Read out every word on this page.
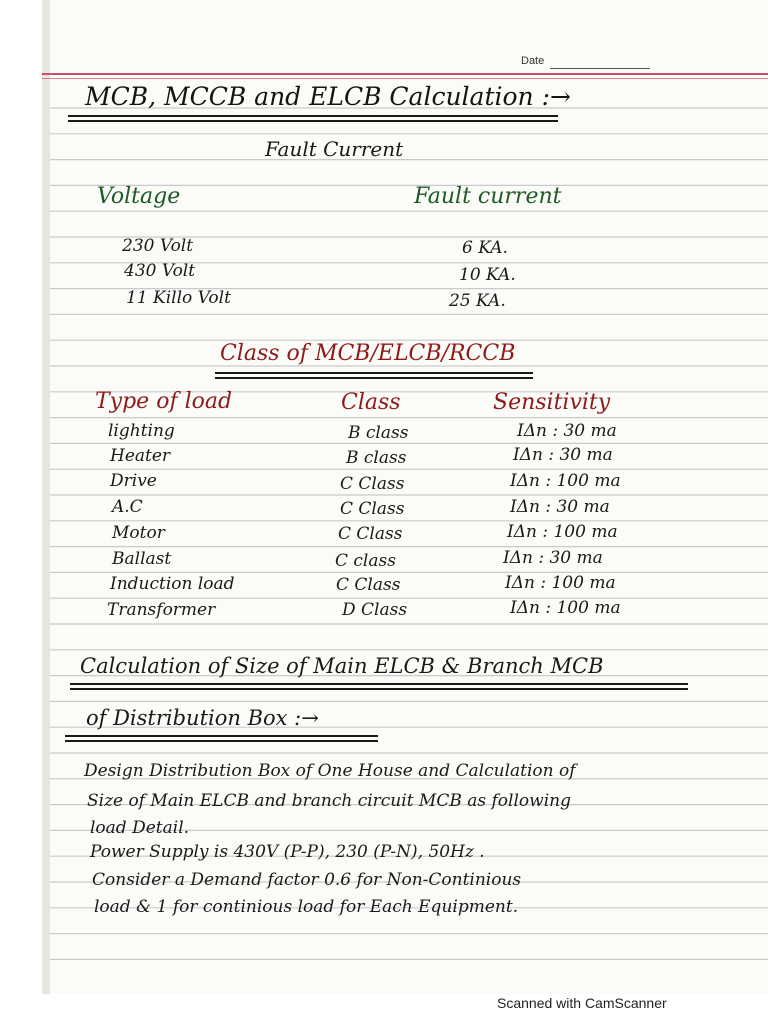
Date
MCB, MCCB and ELCB Calculation :→
Fault Current
Voltage	Fault current
230 Volt	6 KA.
430 Volt	10 KA.
11 Killo Volt	25 KA.
Class of MCB/ELCB/RCCB
Type of load	Class	Sensitivity
lighting	B class	IΔn : 30 ma
Heater	B class	IΔn : 30 ma
Drive	C Class	IΔn : 100 ma
A.C	C Class	IΔn : 30 ma
Motor	C Class	IΔn : 100 ma
Ballast	C class	IΔn : 30 ma
Induction load	C Class	IΔn : 100 ma
Transformer	D Class	IΔn : 100 ma
Calculation of Size of Main ELCB & Branch MCB
of Distribution Box :→
Design Distribution Box of One House and Calculation of
Size of Main ELCB and branch circuit MCB as following
load Detail.
Power Supply is 430V (P-P), 230 (P-N), 50Hz .
Consider a Demand factor 0.6 for Non-Continious
load & 1 for continious load for Each Equipment.
Scanned with CamScanner
